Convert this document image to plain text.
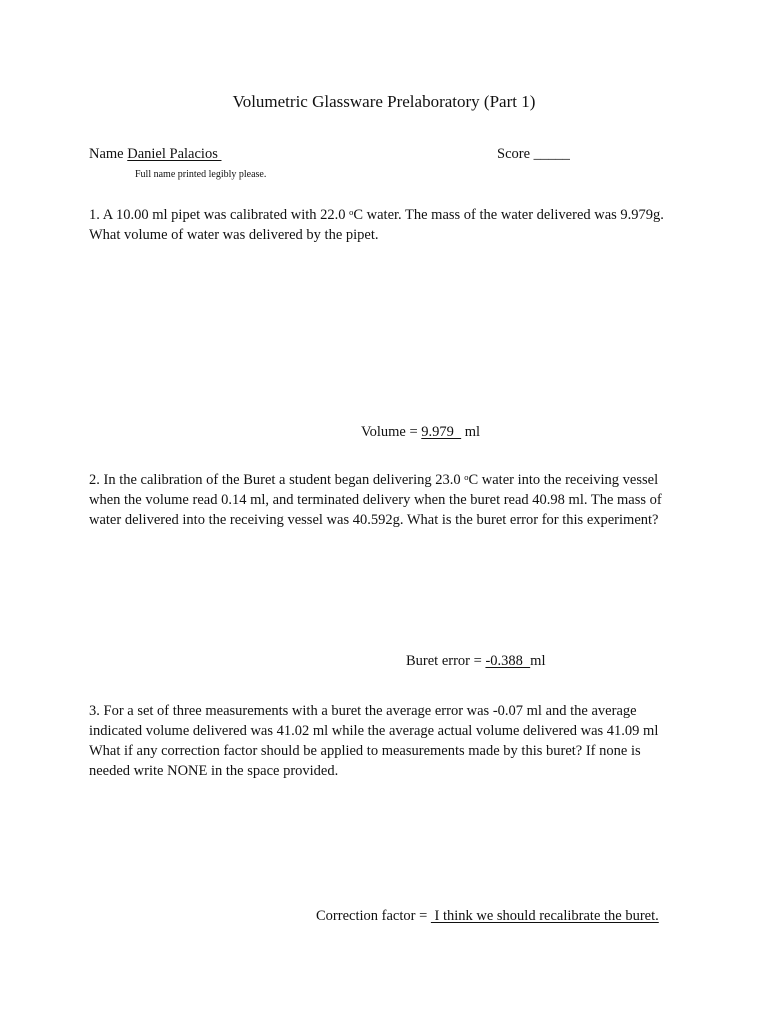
Volumetric Glassware Prelaboratory (Part 1)
Name Daniel Palacios
Full name printed legibly please.
Score _____
1. A 10.00 ml pipet was calibrated with 22.0 ᵒC water. The mass of the water delivered was 9.979g. What volume of water was delivered by the pipet.
Volume = 9.979   ml
2. In the calibration of the Buret a student began delivering 23.0 ᵒC water into the receiving vessel when the volume read 0.14 ml, and terminated delivery when the buret read 40.98 ml. The mass of water delivered into the receiving vessel was 40.592g. What is the buret error for this experiment?
Buret error = -0.388  ml
3. For a set of three measurements with a buret the average error was -0.07 ml and the average indicated volume delivered was 41.02 ml while the average actual volume delivered was 41.09 ml What if any correction factor should be applied to measurements made by this buret? If none is needed write NONE in the space provided.
Correction factor =  I think we should recalibrate the buret.
